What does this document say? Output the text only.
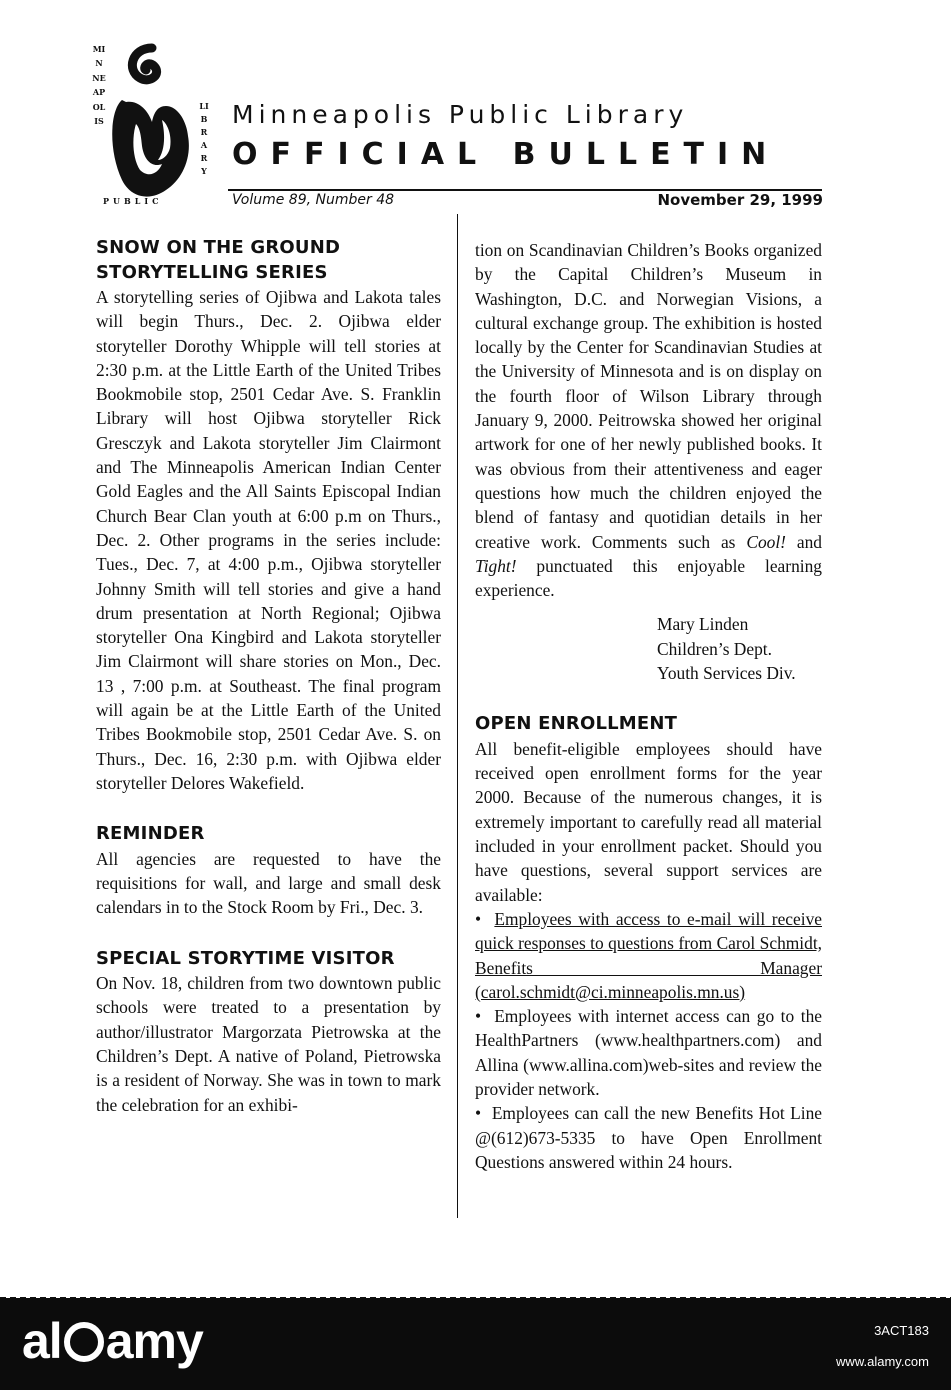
MINNEAPOLIS
LIBRARY
PUBLIC
Minneapolis Public Library
OFFICIAL BULLETIN
Volume 89, Number 48	November 29, 1999
SNOW ON THE GROUND
STORYTELLING SERIES

A storytelling series of Ojibwa and Lakota tales will begin Thurs., Dec. 2. Ojibwa elder storyteller Dorothy Whipple will tell stories at 2:30 p.m. at the Little Earth of the United Tribes Bookmobile stop, 2501 Cedar Ave. S. Franklin Library will host Ojibwa storyteller Rick Gresczyk and Lakota storyteller Jim Clairmont and The Minneapolis American Indian Center Gold Eagles and the All Saints Episcopal Indian Church Bear Clan youth at 6:00 p.m on Thurs., Dec. 2. Other programs in the series include: Tues., Dec. 7, at 4:00 p.m., Ojibwa storyteller Johnny Smith will tell stories and give a hand drum presentation at North Regional; Ojibwa storyteller Ona Kingbird and Lakota storyteller Jim Clairmont will share stories on Mon., Dec. 13 , 7:00 p.m. at Southeast. The final program will again be at the Little Earth of the United Tribes Bookmobile stop, 2501 Cedar Ave. S. on Thurs., Dec. 16, 2:30 p.m. with Ojibwa elder storyteller Delores Wakefield.

REMINDER

All agencies are requested to have the requisitions for wall, and large and small desk calendars in to the Stock Room by Fri., Dec. 3.

SPECIAL STORYTIME VISITOR

On Nov. 18, children from two downtown public schools were treated to a presentation by author/illustrator Margorzata Pietrowska at the Children’s Dept. A native of Poland, Pietrowska is a resident of Norway. She was in town to mark the celebration for an exhibi-

tion on Scandinavian Children’s Books organized by the Capital Children’s Museum in Washington, D.C. and Norwegian Visions, a cultural exchange group. The exhibition is hosted locally by the Center for Scandinavian Studies at the University of Minnesota and is on display on the fourth floor of Wilson Library through January 9, 2000. Peitrowska showed her original artwork for one of her newly published books. It was obvious from their attentiveness and eager questions how much the children enjoyed the blend of fantasy and quotidian details in her creative work. Comments such as Cool! and Tight! punctuated this enjoyable learning experience.

Mary Linden
Children’s Dept.
Youth Services Div.
OPEN ENROLLMENT

All benefit-eligible employees should have received open enrollment forms for the year 2000. Because of the numerous changes, it is extremely important to carefully read all material included in your enrollment packet. Should you have questions, several support services are available:

•  Employees with access to e-mail will receive quick responses to questions from Carol Schmidt, Benefits Manager (carol.schmidt@ci.minneapolis.mn.us)

•  Employees with internet access can go to the HealthPartners (www.healthpartners.com) and Allina (www.allina.com)web-sites and review the provider network.

•  Employees can call the new Benefits Hot Line @(612)673-5335 to have Open Enrollment Questions answered within 24 hours.

al amy	3ACT183
www.alamy.com
